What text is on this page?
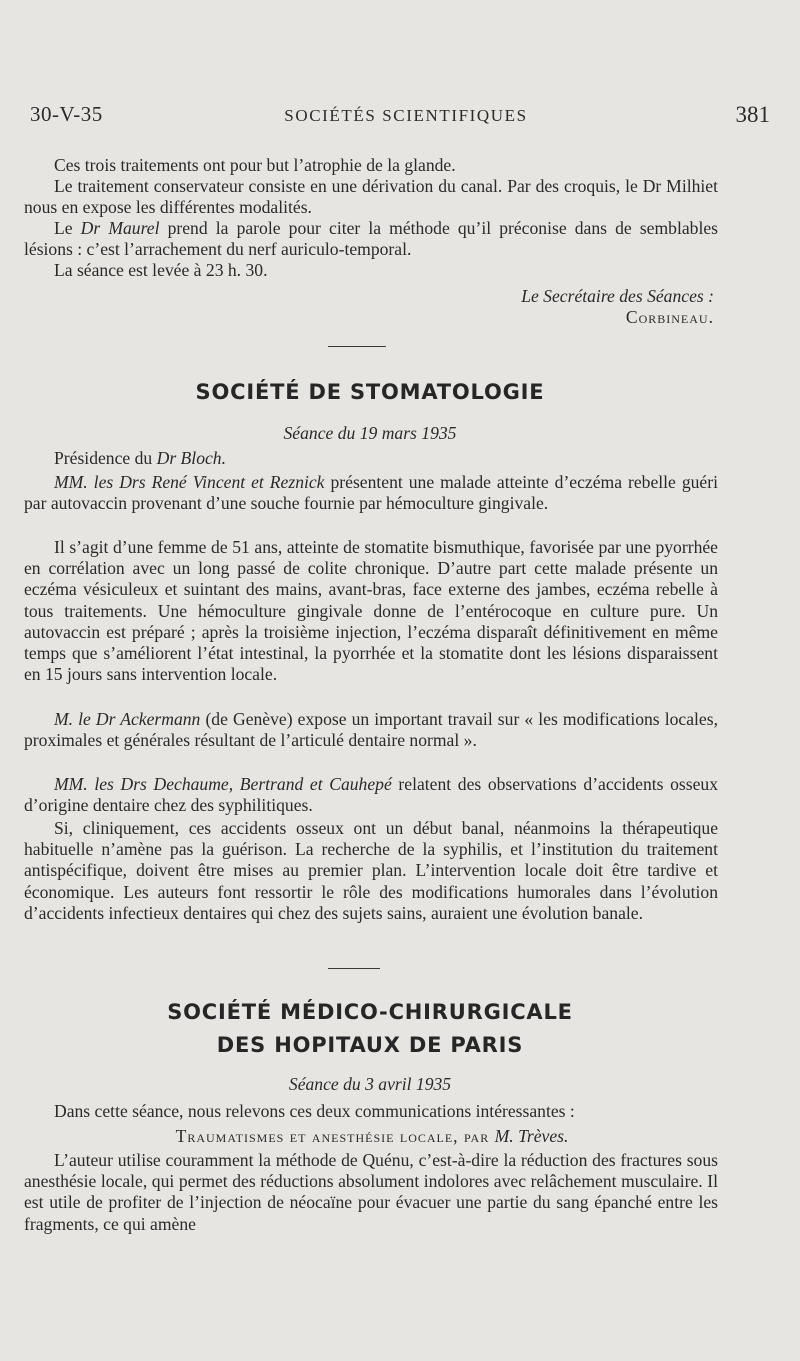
30-V-35	SOCIÉTÉS SCIENTIFIQUES	381
Ces trois traitements ont pour but l’atrophie de la glande.
Le traitement conservateur consiste en une dérivation du canal. Par des croquis, le Dr Milhiet nous en expose les différentes modalités.
Le Dr Maurel prend la parole pour citer la méthode qu’il préconise dans de semblables lésions : c’est l’arrachement du nerf auriculo-temporal.
La séance est levée à 23 h. 30.
Le Secrétaire des Séances :
Corbineau.
SOCIÉTÉ DE STOMATOLOGIE
Séance du 19 mars 1935
Présidence du Dr Bloch.
MM. les Drs René Vincent et Reznick présentent une malade atteinte d’eczéma rebelle guéri par autovaccin provenant d’une souche fournie par hémoculture gingivale.
Il s’agit d’une femme de 51 ans, atteinte de stomatite bismuthique, favorisée par une pyorrhée en corrélation avec un long passé de colite chronique. D’autre part cette malade présente un eczéma vésiculeux et suintant des mains, avant-bras, face externe des jambes, eczéma rebelle à tous traitements. Une hémoculture gingivale donne de l’entérocoque en culture pure. Un autovaccin est préparé ; après la troisième injection, l’eczéma disparaît définitivement en même temps que s’améliorent l’état intestinal, la pyorrhée et la stomatite dont les lésions disparaissent en 15 jours sans intervention locale.
M. le Dr Ackermann (de Genève) expose un important travail sur « les modifications locales, proximales et générales résultant de l’articulé dentaire normal ».
MM. les Drs Dechaume, Bertrand et Cauhepé relatent des observations d’accidents osseux d’origine dentaire chez des syphilitiques.
Si, cliniquement, ces accidents osseux ont un début banal, néanmoins la thérapeutique habituelle n’amène pas la guérison. La recherche de la syphilis, et l’institution du traitement antispécifique, doivent être mises au premier plan. L’intervention locale doit être tardive et économique. Les auteurs font ressortir le rôle des modifications humorales dans l’évolution d’accidents infectieux dentaires qui chez des sujets sains, auraient une évolution banale.
SOCIÉTÉ MÉDICO-CHIRURGICALE
DES HOPITAUX DE PARIS
Séance du 3 avril 1935
Dans cette séance, nous relevons ces deux communications intéressantes :
Traumatismes et anesthésie locale, par M. Trèves.
L’auteur utilise couramment la méthode de Quénu, c’est-à-dire la réduction des fractures sous anesthésie locale, qui permet des réductions absolument indolores avec relâchement musculaire. Il est utile de profiter de l’injection de néocaïne pour évacuer une partie du sang épanché entre les fragments, ce qui amène
